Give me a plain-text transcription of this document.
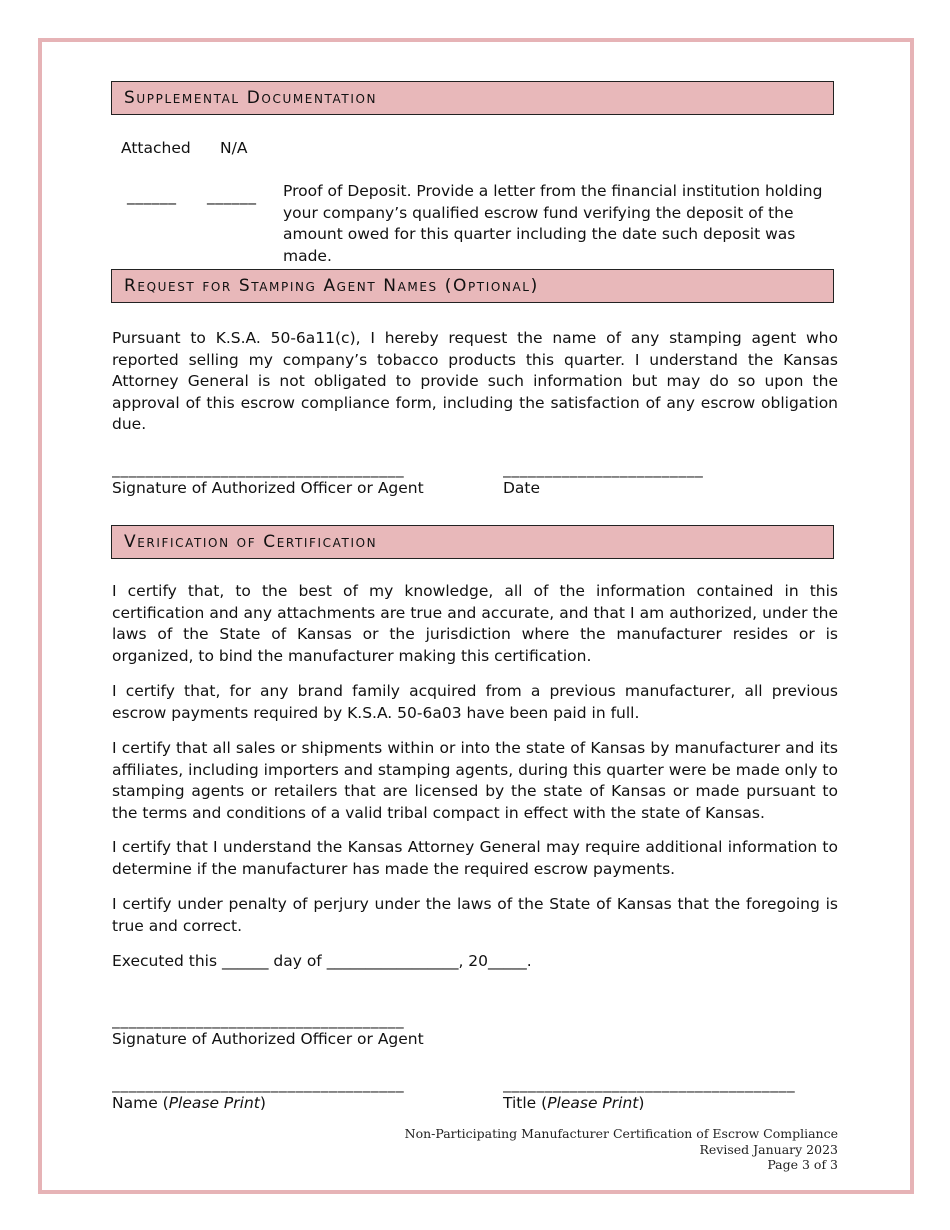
Supplemental Documentation
Attached N/A
______ ______ Proof of Deposit. Provide a letter from the financial institution holding your company’s qualified escrow fund verifying the deposit of the amount owed for this quarter including the date such deposit was made.
Request for Stamping Agent Names (Optional)
Pursuant to K.S.A. 50-6a11(c), I hereby request the name of any stamping agent who reported selling my company’s tobacco products this quarter. I understand the Kansas Attorney General is not obligated to provide such information but may do so upon the approval of this escrow compliance form, including the satisfaction of any escrow obligation due.
___________________________________	________________________
Signature of Authorized Officer or Agent	Date
Verification of Certification
I certify that, to the best of my knowledge, all of the information contained in this certification and any attachments are true and accurate, and that I am authorized, under the laws of the State of Kansas or the jurisdiction where the manufacturer resides or is organized, to bind the manufacturer making this certification.
I certify that, for any brand family acquired from a previous manufacturer, all previous escrow payments required by K.S.A. 50-6a03 have been paid in full.
I certify that all sales or shipments within or into the state of Kansas by manufacturer and its affiliates, including importers and stamping agents, during this quarter were be made only to stamping agents or retailers that are licensed by the state of Kansas or made pursuant to the terms and conditions of a valid tribal compact in effect with the state of Kansas.
I certify that I understand the Kansas Attorney General may require additional information to determine if the manufacturer has made the required escrow payments.
I certify under penalty of perjury under the laws of the State of Kansas that the foregoing is true and correct.
Executed this ______ day of _________________, 20_____.
___________________________________
Signature of Authorized Officer or Agent
___________________________________	___________________________________
Name (Please Print)	Title (Please Print)
Non-Participating Manufacturer Certification of Escrow Compliance
Revised January 2023
Page 3 of 3
